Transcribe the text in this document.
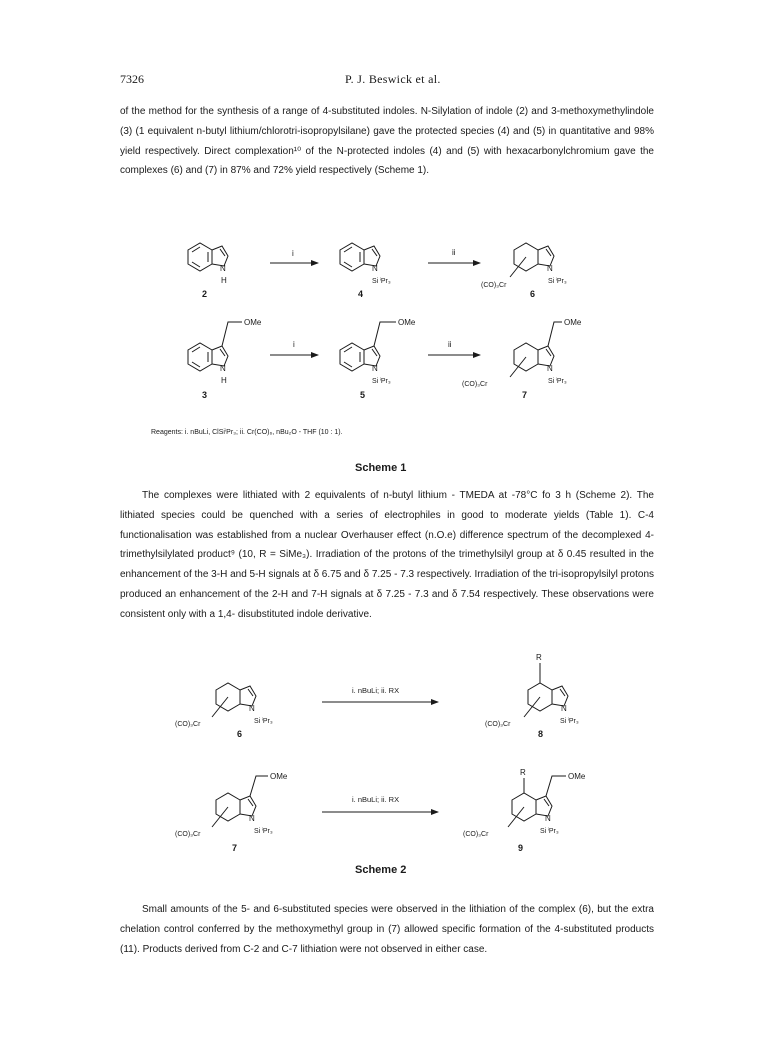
7326	P. J. Beswick et al.

of the method for the synthesis of a range of 4-substituted indoles. N-Silylation of indole (2) and 3-methoxymethylindole (3) (1 equivalent n-butyl lithium/chlorotri-isopropylsilane) gave the protected species (4) and (5) in quantitative and 98% yield respectively. Direct complexation¹⁰ of the N-protected indoles (4) and (5) with hexacarbonylchromium gave the complexes (6) and (7) in 87% and 72% yield respectively (Scheme 1).

N
H
2
i
N
Si ⁱPr₃
4
ii
N
Si ⁱPr₃
(CO)₃Cr
6
OMe
N
H
3
i
OMe
N
Si ⁱPr₃
5
ii
OMe
N
Si ⁱPr₃
(CO)₃Cr
7
N
Si ⁱPr₃
(CO)₃Cr
6
i. nBuLi; ii. RX
R
N
Si ⁱPr₃
(CO)₃Cr
8
OMe
N
Si ⁱPr₃
(CO)₃Cr
7
i. nBuLi; ii. RX
R	OMe
N
Si ⁱPr₃
(CO)₃Cr
9
Reagents: i. nBuLi, ClSiⁱPr₃; ii. Cr(CO)₆, nBu₂O - THF (10 : 1).
Scheme 1

The complexes were lithiated with 2 equivalents of n-butyl lithium - TMEDA at -78°C fo 3 h (Scheme 2). The lithiated species could be quenched with a series of electrophiles in good to moderate yields (Table 1). C-4 functionalisation was established from a nuclear Overhauser effect (n.O.e) difference spectrum of the decomplexed 4-trimethylsilylated product⁹ (10, R = SiMe₃). Irradiation of the protons of the trimethylsilyl group at δ 0.45 resulted in the enhancement of the 3-H and 5-H signals at δ 6.75 and δ 7.25 - 7.3 respectively. Irradiation of the tri-isopropylsilyl protons produced an enhancement of the 2-H and 7-H signals at δ 7.25 - 7.3 and δ 7.54 respectively. These observations were consistent only with a 1,4- disubstituted indole derivative.

Scheme 2

Small amounts of the 5- and 6-substituted species were observed in the lithiation of the complex (6), but the extra chelation control conferred by the methoxymethyl group in (7) allowed specific formation of the 4-substituted products (11). Products derived from C-2 and C-7 lithiation were not observed in either case.
